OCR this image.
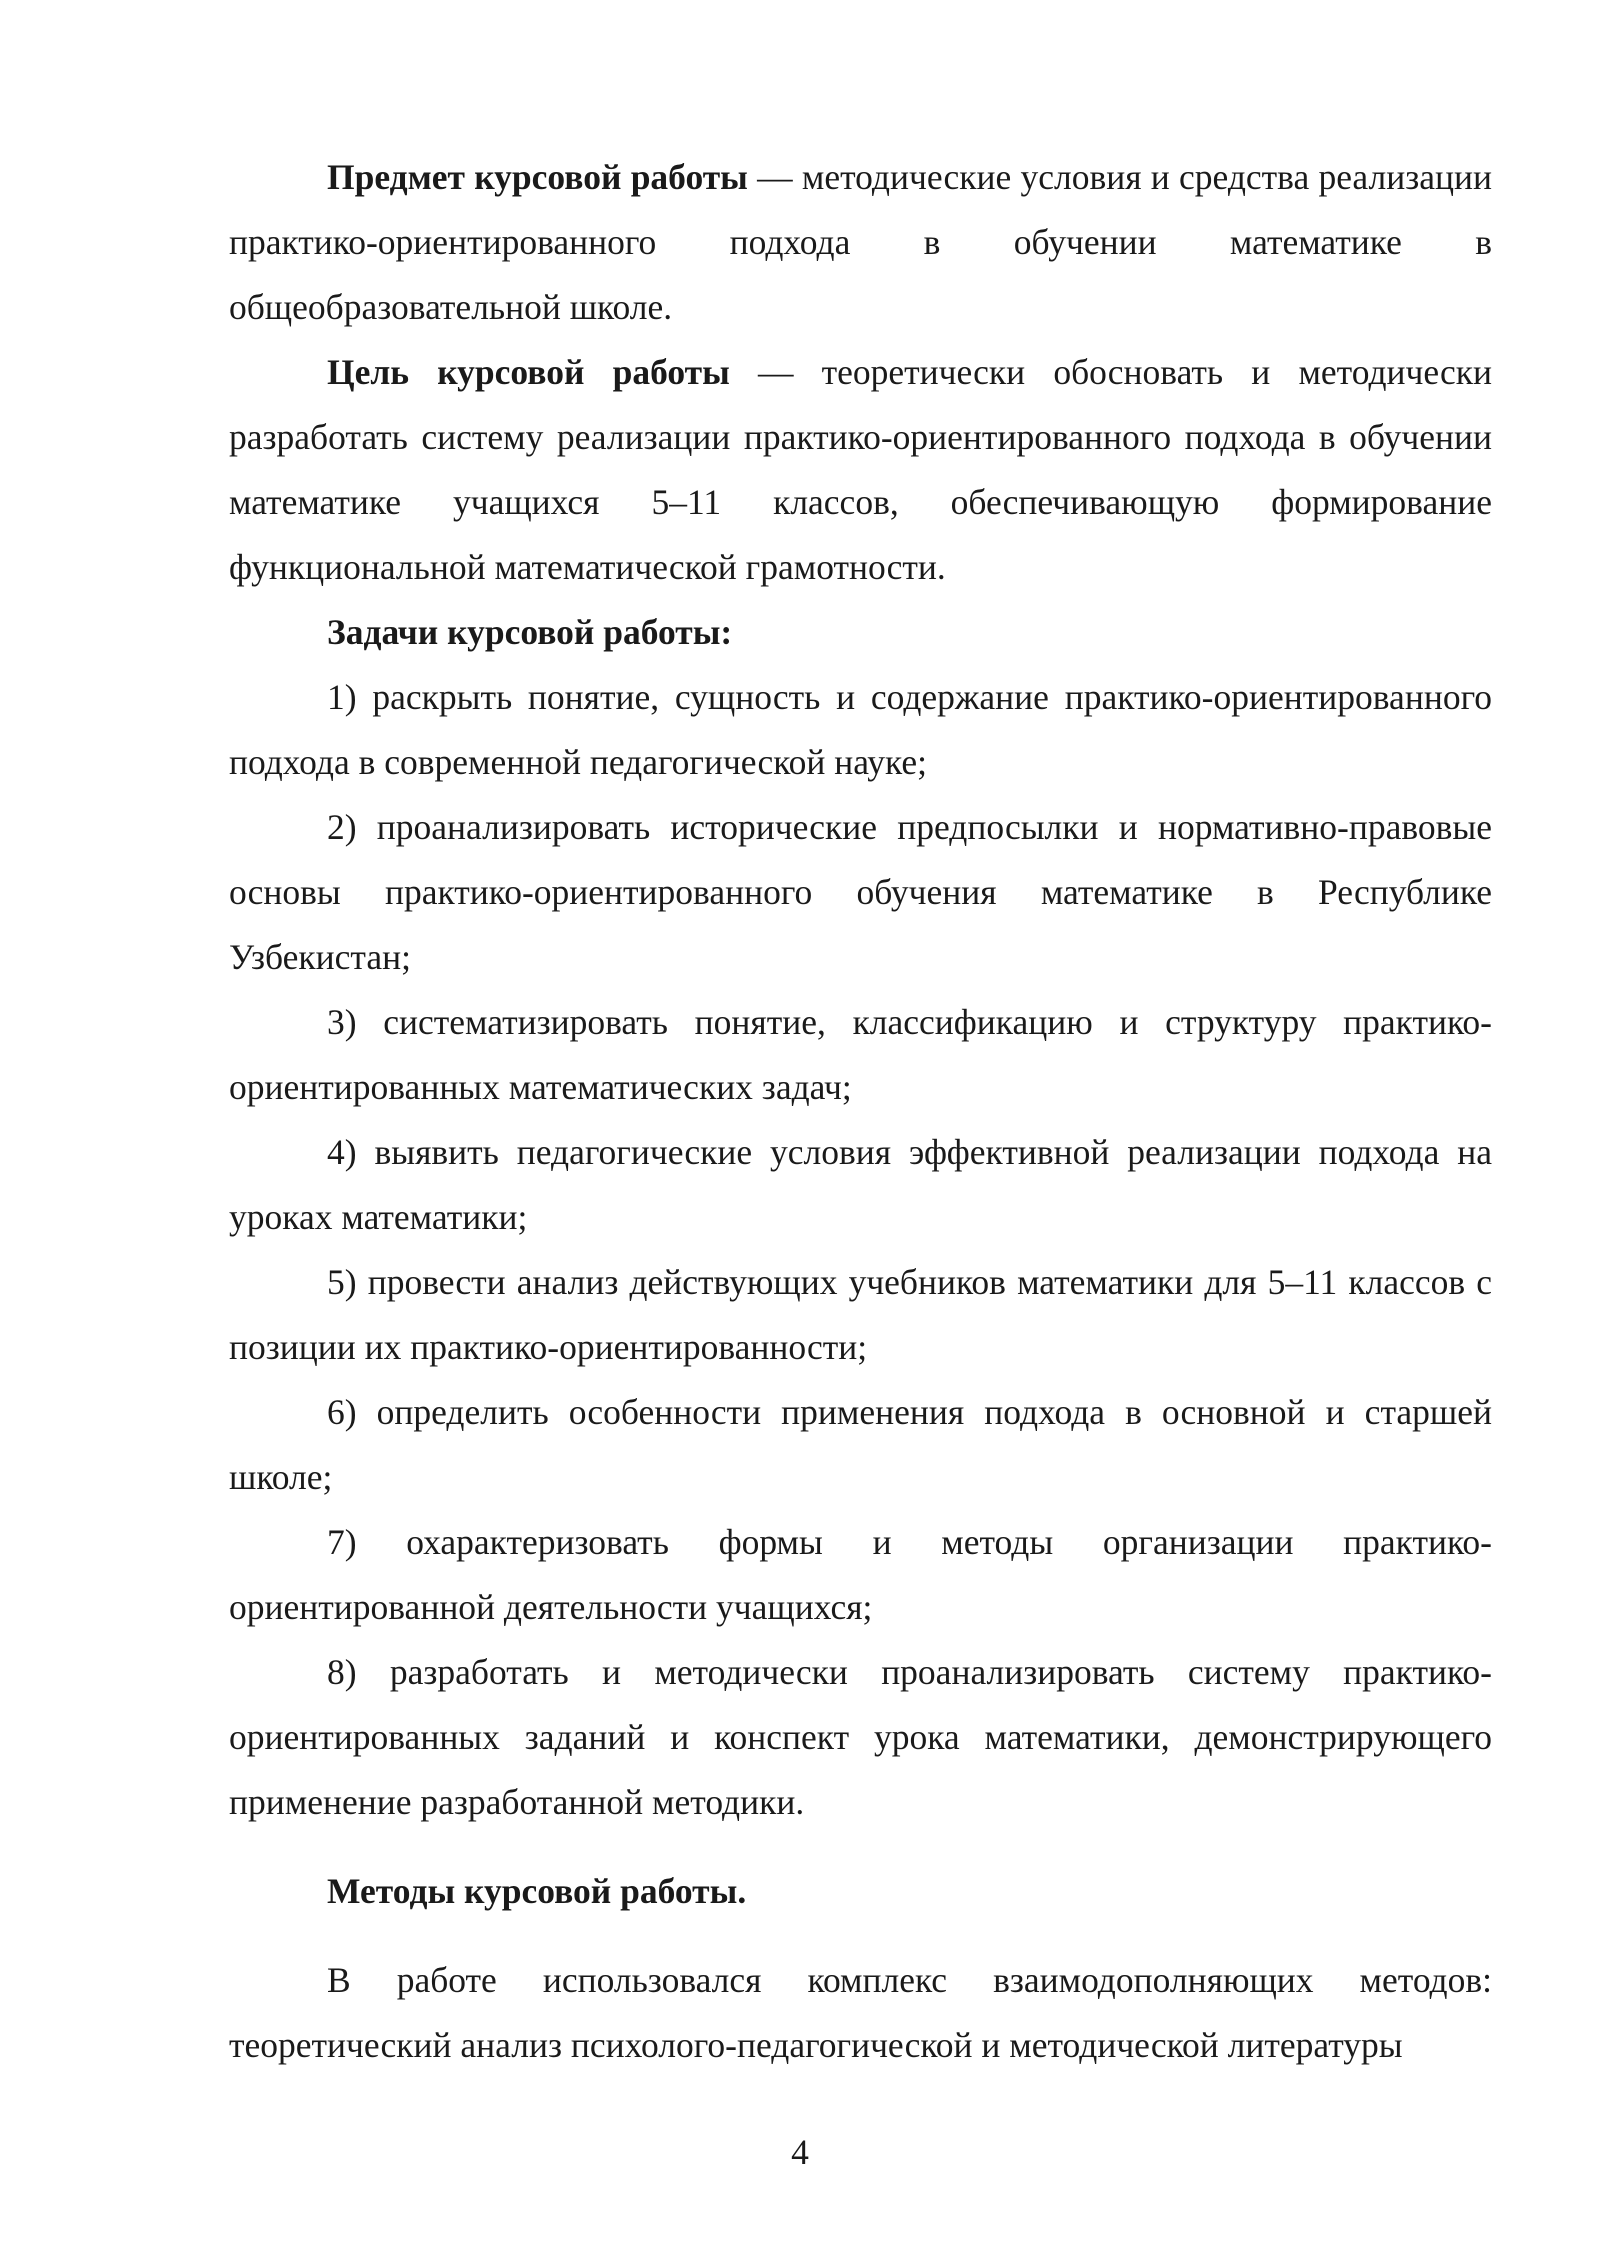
Предмет курсовой работы — методические условия и средства реализации практико-ориентированного подхода в обучении математике в общеобразовательной школе.

Цель курсовой работы — теоретически обосновать и методически разработать систему реализации практико-ориентированного подхода в обучении математике учащихся 5–11 классов, обеспечивающую формирование функциональной математической грамотности.

Задачи курсовой работы:

1) раскрыть понятие, сущность и содержание практико-ориентированного подхода в современной педагогической науке;

2) проанализировать исторические предпосылки и нормативно-правовые основы практико-ориентированного обучения математике в Республике Узбекистан;

3) систематизировать понятие, классификацию и структуру практико-ориентированных математических задач;

4) выявить педагогические условия эффективной реализации подхода на уроках математики;

5) провести анализ действующих учебников математики для 5–11 классов с позиции их практико-ориентированности;

6) определить особенности применения подхода в основной и старшей школе;

7) охарактеризовать формы и методы организации практико-ориентированной деятельности учащихся;

8) разработать и методически проанализировать систему практико-ориентированных заданий и конспект урока математики, демонстрирующего применение разработанной методики.

Методы курсовой работы.

В работе использовался комплекс взаимодополняющих методов: теоретический анализ психолого-педагогической и методической литературы

4
